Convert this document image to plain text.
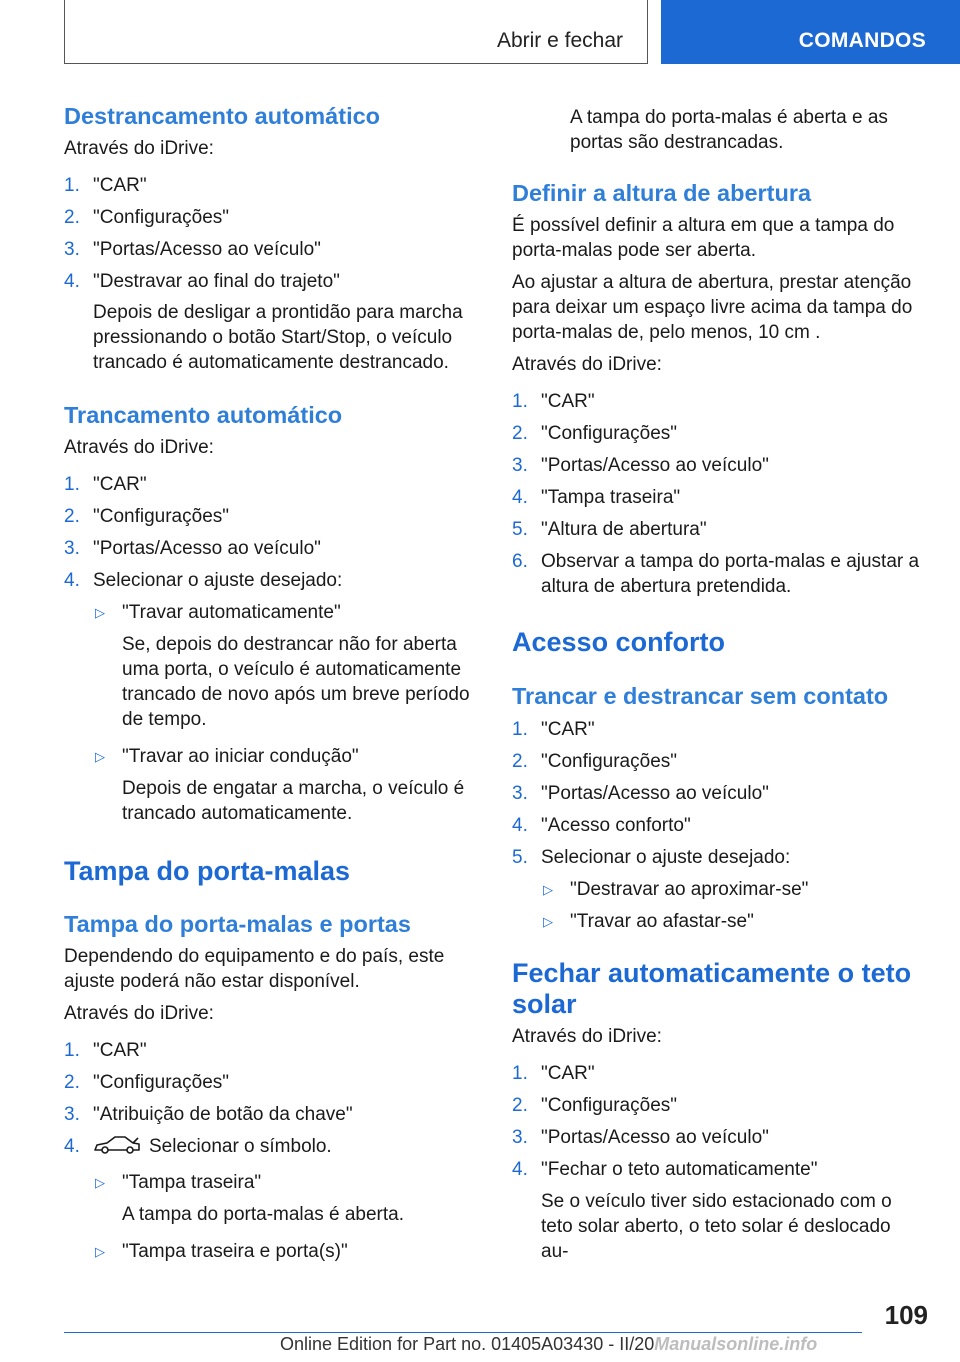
Abrir e fechar	COMANDOS
Destrancamento automático

Através do iDrive:

1. "CAR"
2. "Configurações"
3. "Portas/Acesso ao veículo"
4. "Destravar ao final do trajeto"
Depois de desligar a prontidão para marcha pressionando o botão Start/Stop, o veículo trancado é automaticamente destrancado.
Trancamento automático

Através do iDrive:

1. "CAR"
2. "Configurações"
3. "Portas/Acesso ao veículo"
4. Selecionar o ajuste desejado:
▷ "Travar automaticamente"
Se, depois do destrancar não for aberta uma porta, o veículo é automaticamente trancado de novo após um breve período de tempo.
▷ "Travar ao iniciar condução"
Depois de engatar a marcha, o veículo é trancado automaticamente.
Tampa do porta-malas
Tampa do porta-malas e portas

Dependendo do equipamento e do país, este ajuste poderá não estar disponível.

Através do iDrive:

1. "CAR"
2. "Configurações"
3. "Atribuição de botão da chave"
4.	Selecionar o símbolo.
▷ "Tampa traseira"
A tampa do porta-malas é aberta.
▷ "Tampa traseira e porta(s)"
A tampa do porta-malas é aberta e as portas são destrancadas.
Definir a altura de abertura

É possível definir a altura em que a tampa do porta-malas pode ser aberta.

Ao ajustar a altura de abertura, prestar atenção para deixar um espaço livre acima da tampa do porta-malas de, pelo menos, 10 cm .

Através do iDrive:

1. "CAR"
2. "Configurações"
3. "Portas/Acesso ao veículo"
4. "Tampa traseira"
5. "Altura de abertura"
6. Observar a tampa do porta-malas e ajustar a altura de abertura pretendida.
Acesso conforto
Trancar e destrancar sem contato
1. "CAR"
2. "Configurações"
3. "Portas/Acesso ao veículo"
4. "Acesso conforto"
5. Selecionar o ajuste desejado:
▷ "Destravar ao aproximar-se"
▷ "Travar ao afastar-se"
Fechar automaticamente o teto solar

Através do iDrive:

1. "CAR"
2. "Configurações"
3. "Portas/Acesso ao veículo"
4. "Fechar o teto automaticamente"
Se o veículo tiver sido estacionado com o teto solar aberto, o teto solar é deslocado au-
109
Online Edition for Part no. 01405A03430 - II/20Manualsonline.info
